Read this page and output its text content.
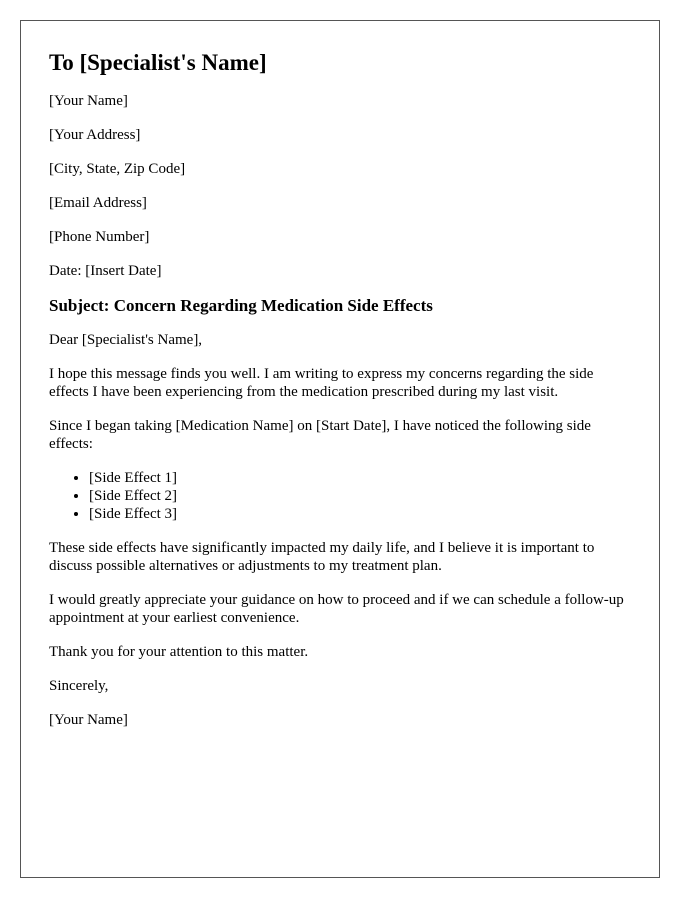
To [Specialist's Name]

[Your Name]

[Your Address]

[City, State, Zip Code]

[Email Address]

[Phone Number]

Date: [Insert Date]

Subject: Concern Regarding Medication Side Effects

Dear [Specialist's Name],

I hope this message finds you well. I am writing to express my concerns regarding the side effects I have been experiencing from the medication prescribed during my last visit.

Since I began taking [Medication Name] on [Start Date], I have noticed the following side effects:

• [Side Effect 1]
• [Side Effect 2]
• [Side Effect 3]

These side effects have significantly impacted my daily life, and I believe it is important to discuss possible alternatives or adjustments to my treatment plan.

I would greatly appreciate your guidance on how to proceed and if we can schedule a follow-up appointment at your earliest convenience.

Thank you for your attention to this matter.

Sincerely,

[Your Name]
